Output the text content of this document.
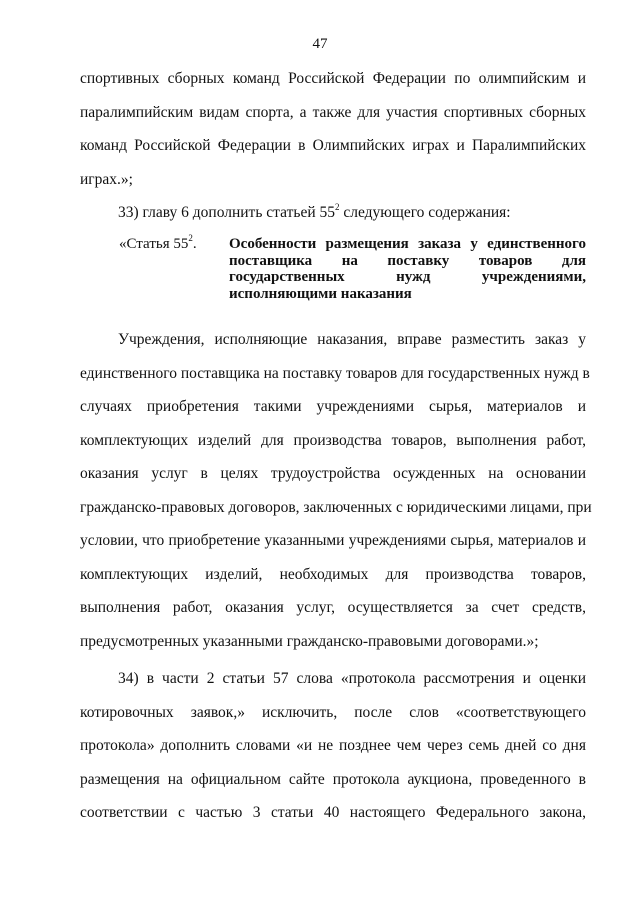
47
спортивных сборных команд Российской Федерации по олимпийским и
паралимпийским видам спорта, а также для участия спортивных сборных
команд Российской Федерации в Олимпийских играх и Паралимпийских
играх.»;
33) главу 6 дополнить статьей $55^2$ следующего содержания:
«Статья $55^2$. Особенности размещения заказа у единственного
поставщика на поставку товаров для
государственных нужд учреждениями,
исполняющими наказания
Учреждения, исполняющие наказания, вправе разместить заказ у
единственного поставщика на поставку товаров для государственных нужд в
случаях приобретения такими учреждениями сырья, материалов и
комплектующих изделий для производства товаров, выполнения работ,
оказания услуг в целях трудоустройства осужденных на основании
гражданско-правовых договоров, заключенных с юридическими лицами, при
условии, что приобретение указанными учреждениями сырья, материалов и
комплектующих изделий, необходимых для производства товаров,
выполнения работ, оказания услуг, осуществляется за счет средств,
предусмотренных указанными гражданско-правовыми договорами.»;
34) в части 2 статьи 57 слова «протокола рассмотрения и оценки
котировочных заявок,» исключить, после слов «соответствующего
протокола» дополнить словами «и не позднее чем через семь дней со дня
размещения на официальном сайте протокола аукциона, проведенного в
соответствии с частью 3 статьи 40 настоящего Федерального закона,
